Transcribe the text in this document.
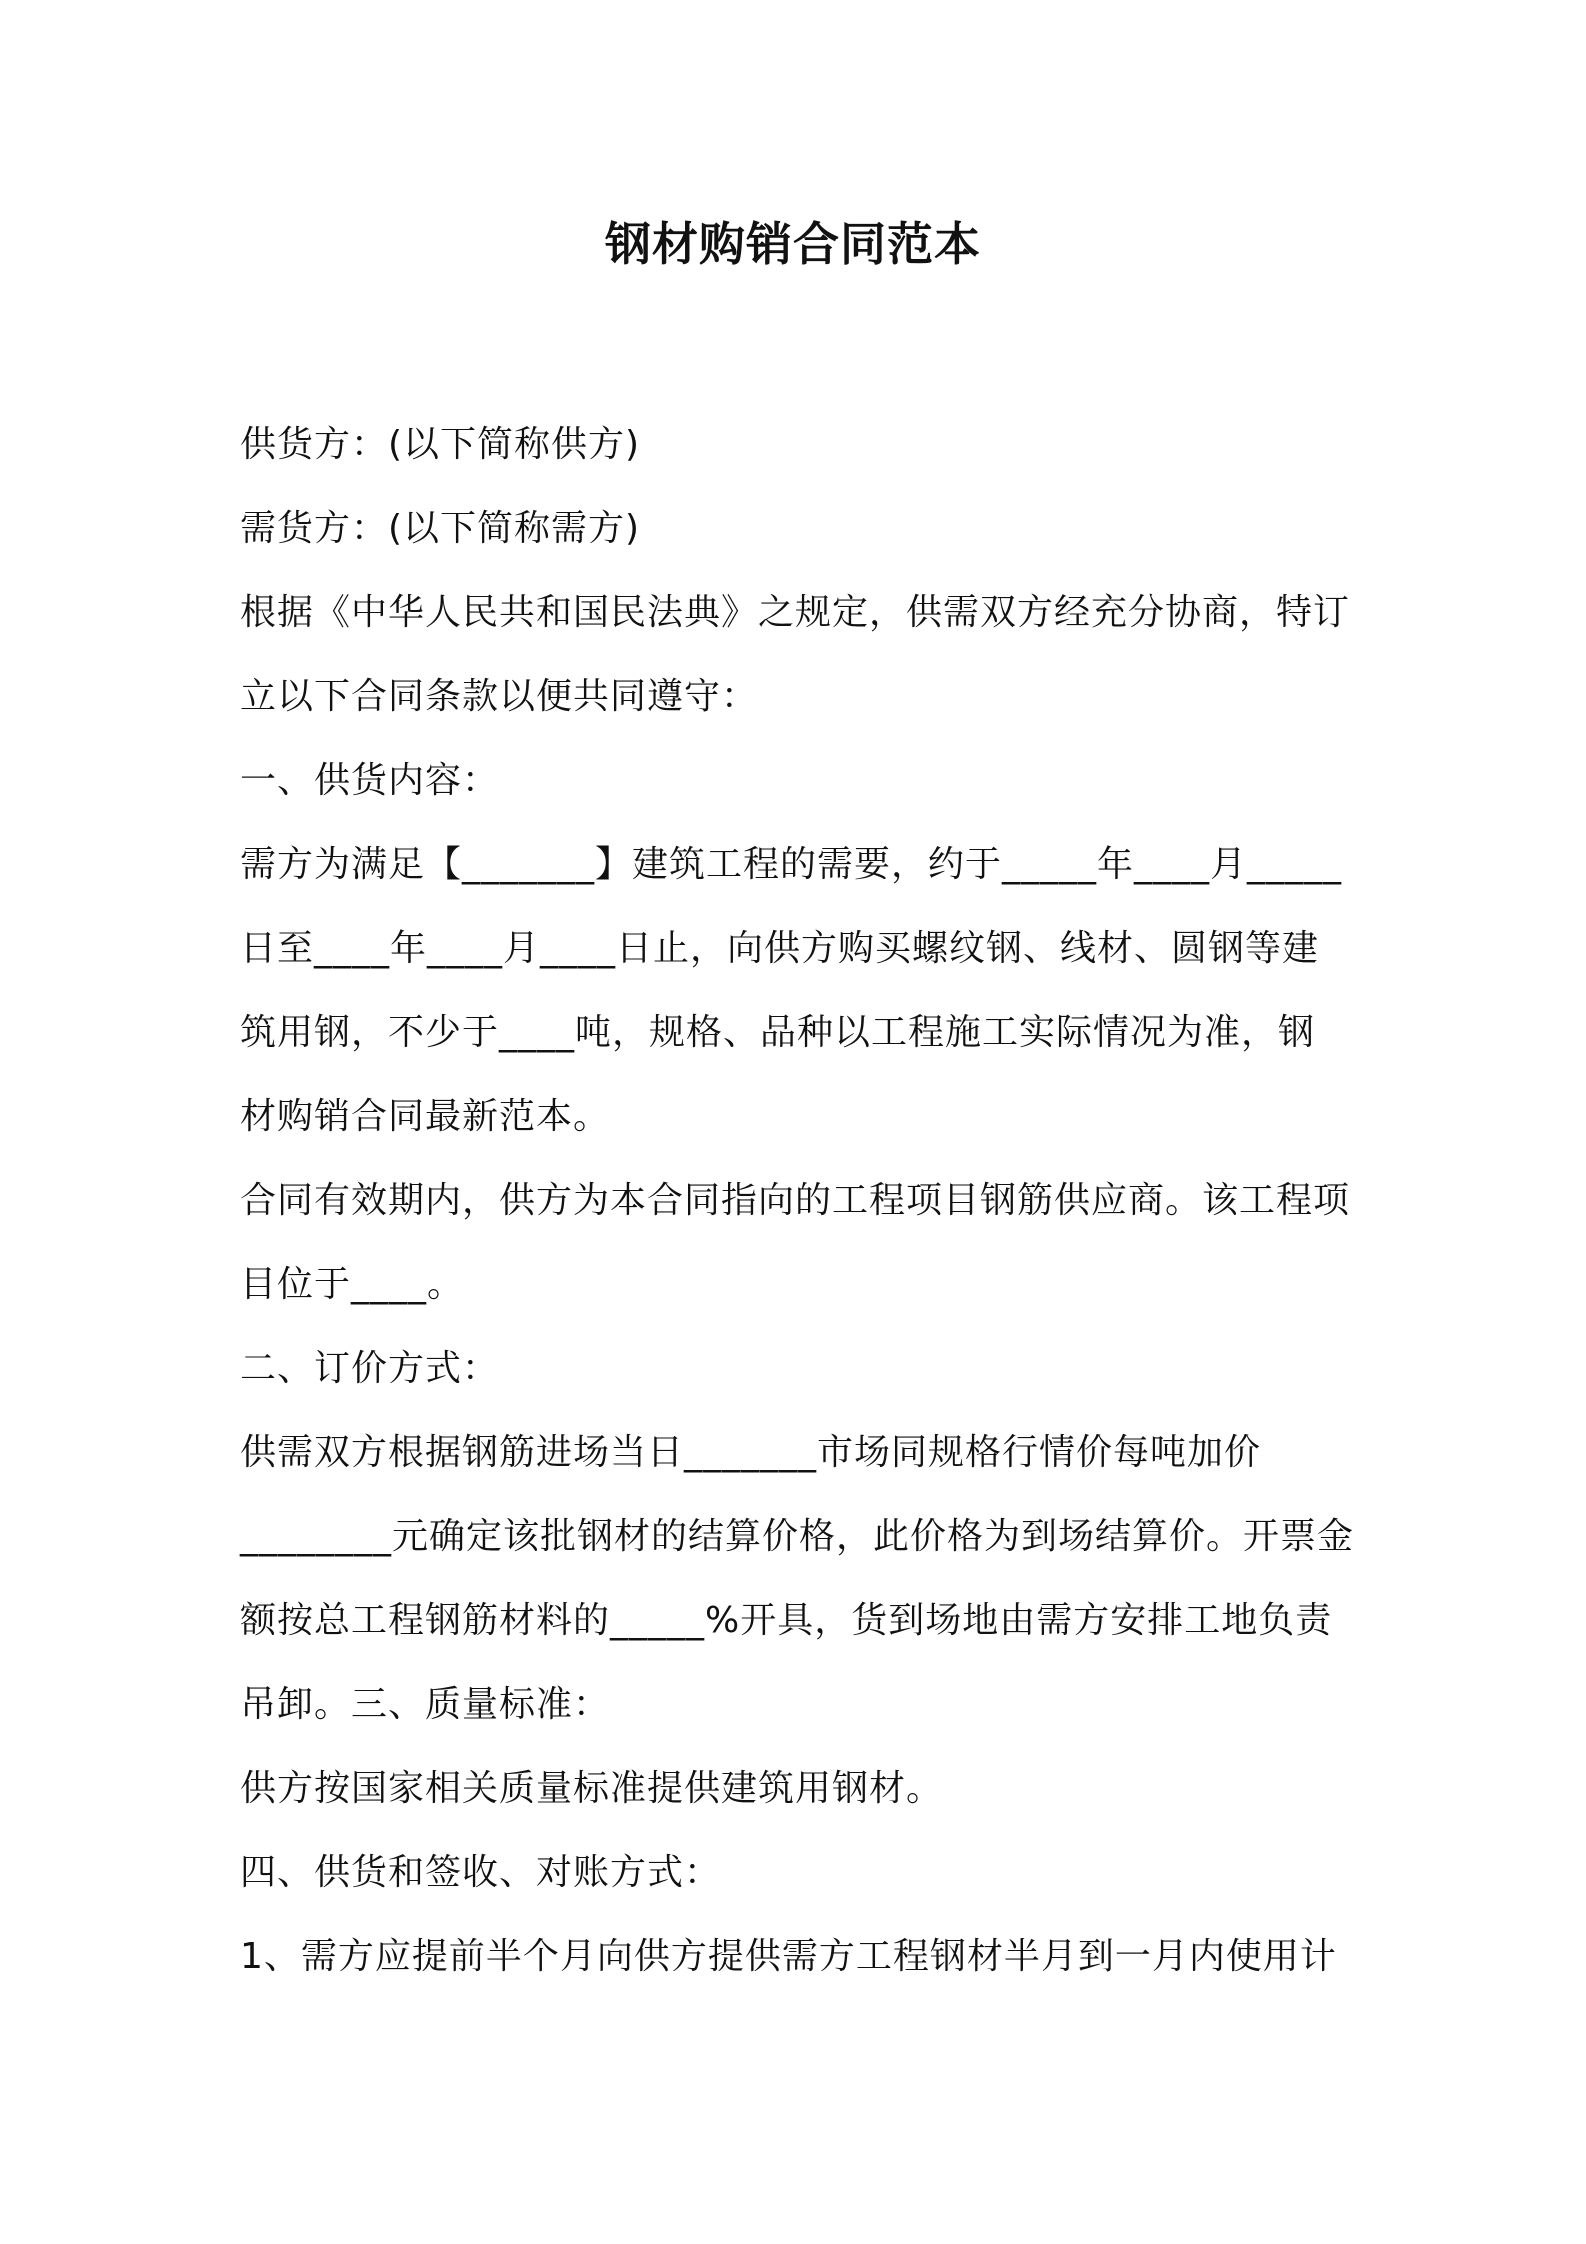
钢材购销合同范本
供货方：(以下简称供方)
需货方：(以下简称需方)
根据《中华人民共和国民法典》之规定，供需双方经充分协商，特订
立以下合同条款以便共同遵守：
一、供货内容：
需方为满足【_______】建筑工程的需要，约于_____年____月_____
日至____年____月____日止，向供方购买螺纹钢、线材、圆钢等建
筑用钢，不少于____吨，规格、品种以工程施工实际情况为准，钢
材购销合同最新范本。
合同有效期内，供方为本合同指向的工程项目钢筋供应商。该工程项
目位于____。
二、订价方式：
供需双方根据钢筋进场当日_______市场同规格行情价每吨加价
________元确定该批钢材的结算价格，此价格为到场结算价。开票金
额按总工程钢筋材料的_____%开具，货到场地由需方安排工地负责
吊卸。三、质量标准：
供方按国家相关质量标准提供建筑用钢材。
四、供货和签收、对账方式：
1、需方应提前半个月向供方提供需方工程钢材半月到一月内使用计
